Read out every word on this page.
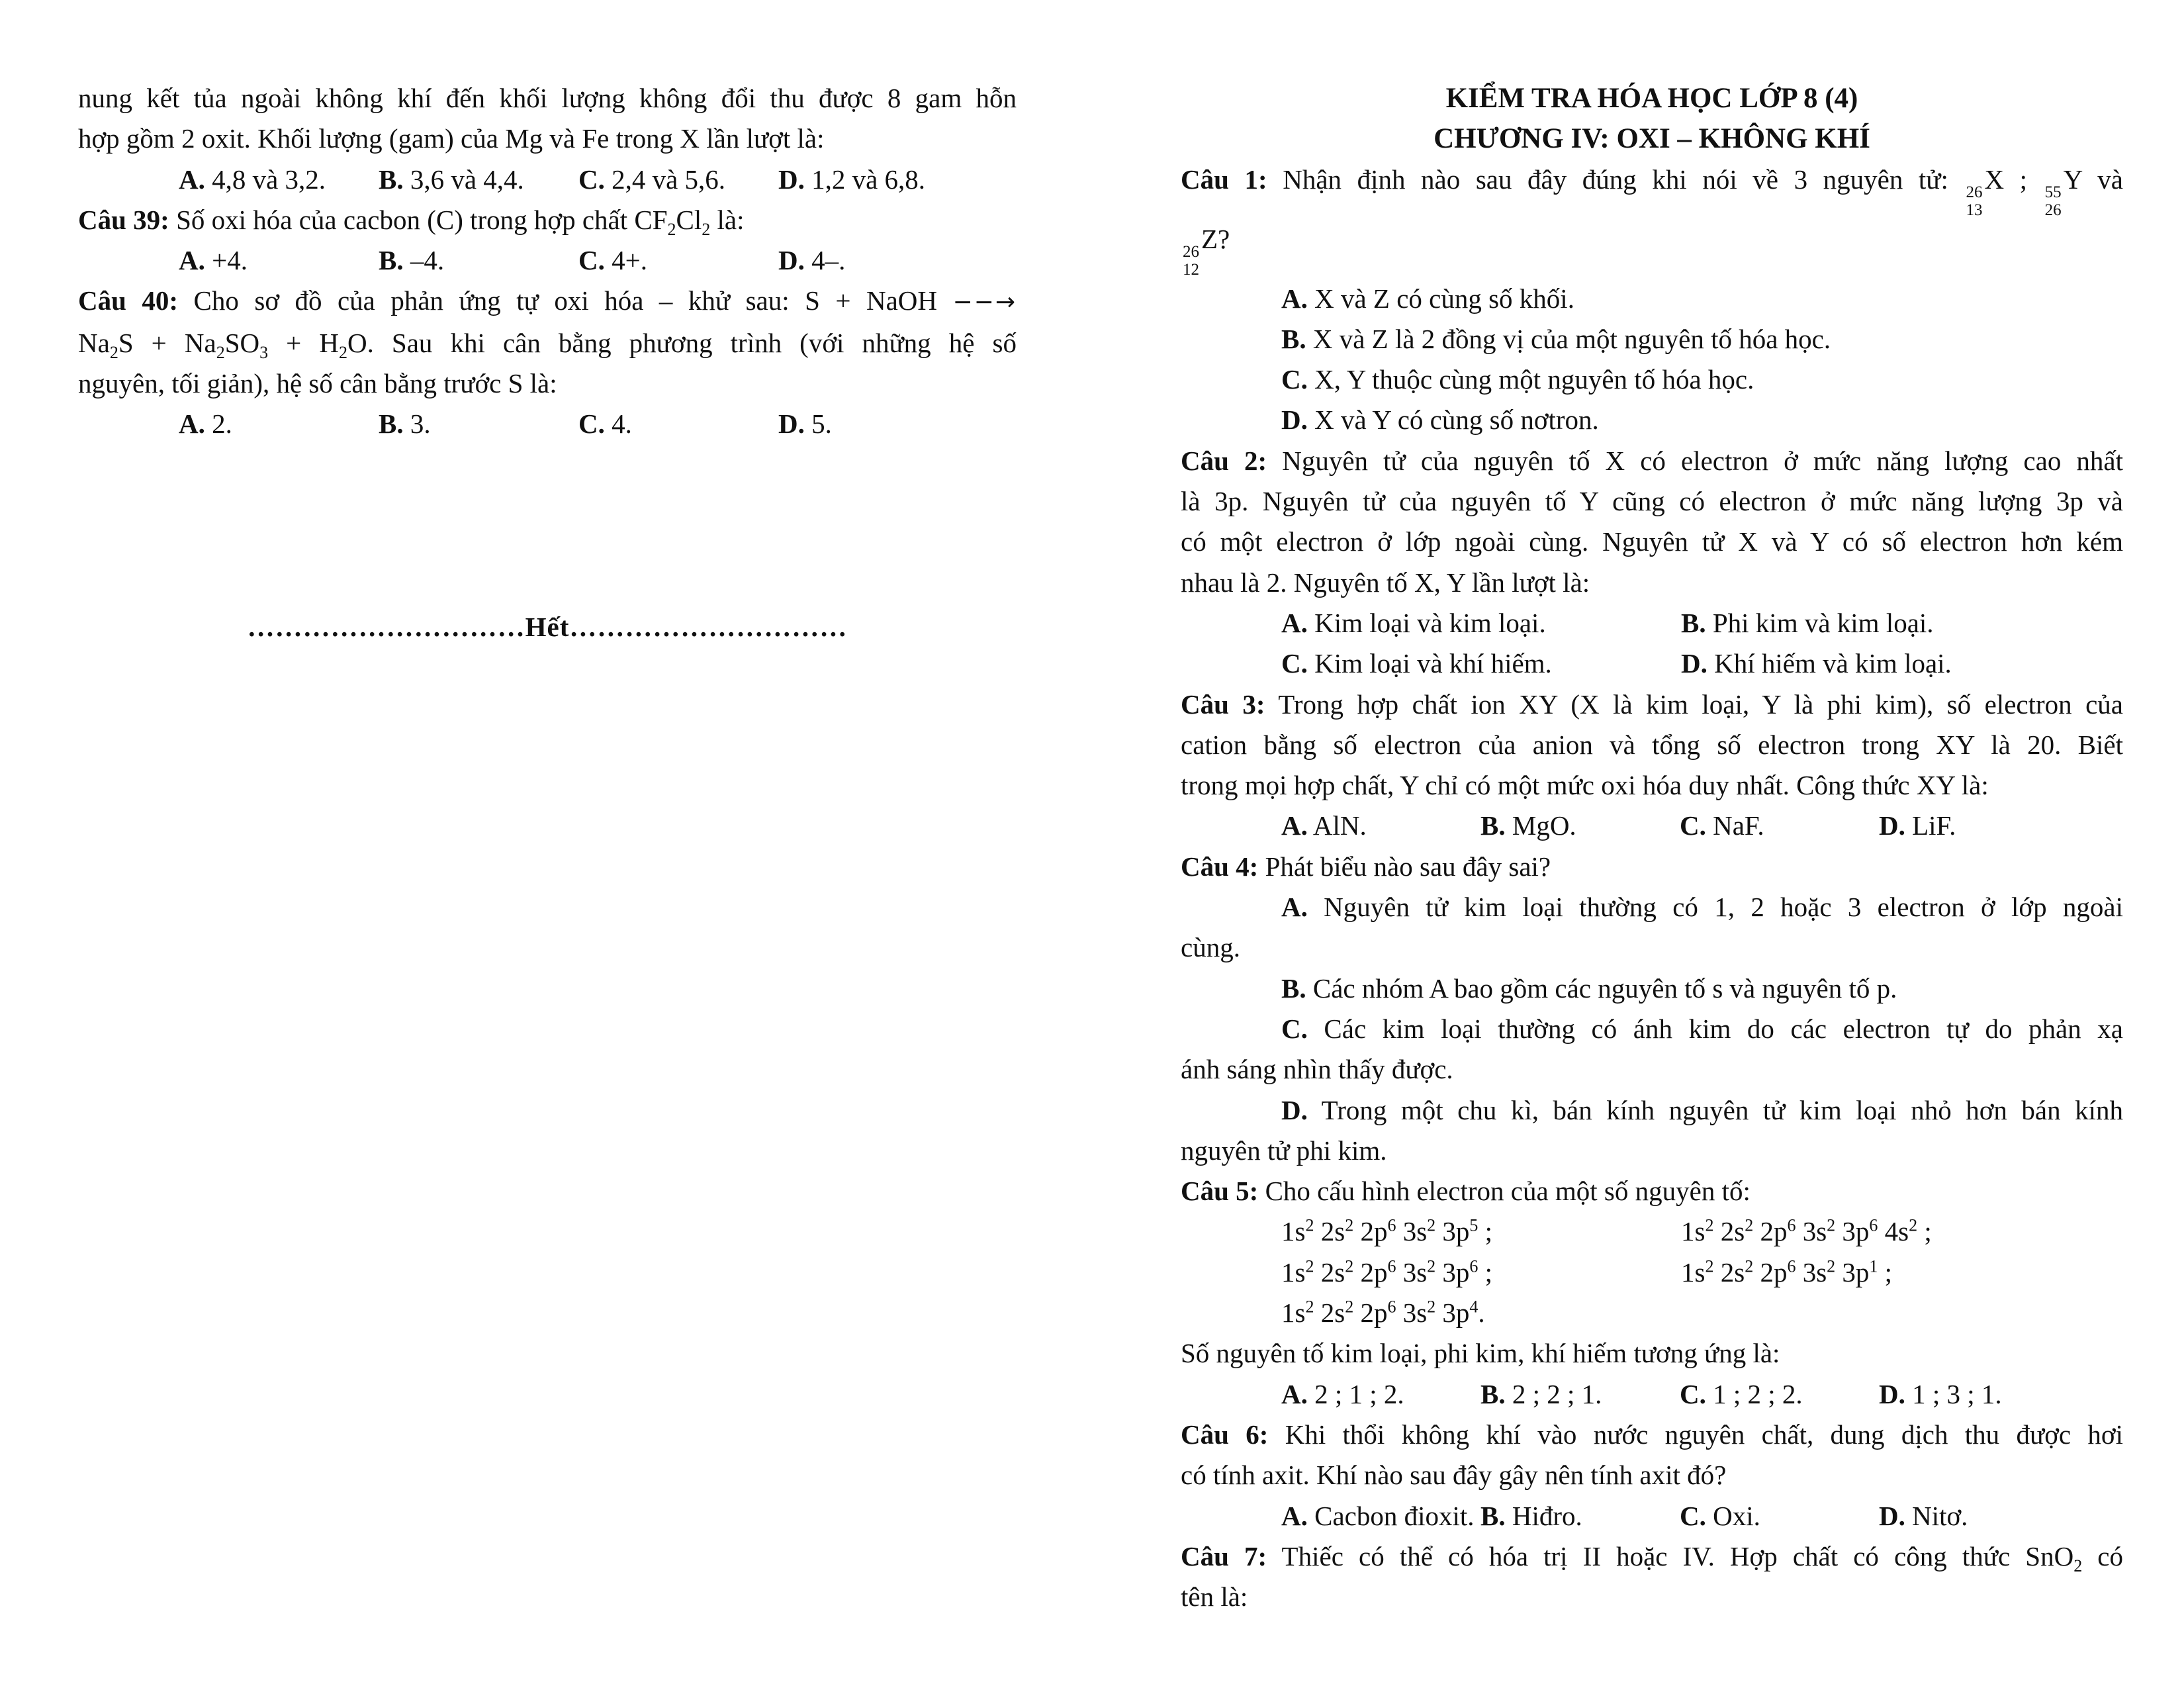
nung kết tủa ngoài không khí đến khối lượng không đổi thu được 8 gam hỗn

hợp gồm 2 oxit. Khối lượng (gam) của Mg và Fe trong X lần lượt là:

A. 4,8 và 3,2.	B. 3,6 và 4,4.	C. 2,4 và 5,6.	D. 1,2 và 6,8.

Câu 39: Số oxi hóa của cacbon (C) trong hợp chất $CF_2Cl_2$ là:

A. +4.	B. –4.	C. 4+.	D. 4–.

Câu 40: Cho sơ đồ của phản ứng tự oxi hóa – khử sau: S + NaOH −−→

$Na_2S + Na_2SO_3 + H_2O$. Sau khi cân bằng phương trình (với những hệ số

nguyên, tối giản), hệ số cân bằng trước S là:

A. 2.	B. 3.	C. 4.	D. 5.

…………………………Hết…………………………

KIỂM TRA HÓA HỌC LỚP 8 (4)

CHƯƠNG IV: OXI – KHÔNG KHÍ

Câu 1: Nhận định nào sau đây đúng khi nói về 3 nguyên tử: 26
13
X ; 55
26
Y và

26
12
Z?

A. X và Z có cùng số khối.

B. X và Z là 2 đồng vị của một nguyên tố hóa học.

C. X, Y thuộc cùng một nguyên tố hóa học.

D. X và Y có cùng số nơtron.

Câu 2: Nguyên tử của nguyên tố X có electron ở mức năng lượng cao nhất

là 3p. Nguyên tử của nguyên tố Y cũng có electron ở mức năng lượng 3p và

có một electron ở lớp ngoài cùng. Nguyên tử X và Y có số electron hơn kém

nhau là 2. Nguyên tố X, Y lần lượt là:

A. Kim loại và kim loại.	B. Phi kim và kim loại.
C. Kim loại và khí hiếm.	D. Khí hiếm và kim loại.

Câu 3: Trong hợp chất ion XY (X là kim loại, Y là phi kim), số electron của

cation bằng số electron của anion và tổng số electron trong XY là 20. Biết

trong mọi hợp chất, Y chỉ có một mức oxi hóa duy nhất. Công thức XY là:

A. AlN.	B. MgO.	C. NaF.	D. LiF.

Câu 4: Phát biểu nào sau đây sai?

A. Nguyên tử kim loại thường có 1, 2 hoặc 3 electron ở lớp ngoài

cùng.

B. Các nhóm A bao gồm các nguyên tố s và nguyên tố p.

C. Các kim loại thường có ánh kim do các electron tự do phản xạ

ánh sáng nhìn thấy được.

D. Trong một chu kì, bán kính nguyên tử kim loại nhỏ hơn bán kính

nguyên tử phi kim.

Câu 5: Cho cấu hình electron của một số nguyên tố:

$1s^2$ $2s^2$ $2p^6$ $3s^2$ $3p^5$ ;	$1s^2$ $2s^2$ $2p^6$ $3s^2$ $3p^6$ $4s^2$ ;
$1s^2$ $2s^2$ $2p^6$ $3s^2$ $3p^6$ ;	$1s^2$ $2s^2$ $2p^6$ $3s^2$ $3p^1$ ;
$1s^2$ $2s^2$ $2p^6$ $3s^2$ $3p^4$.

Số nguyên tố kim loại, phi kim, khí hiếm tương ứng là:

A. 2 ; 1 ; 2.	B. 2 ; 2 ; 1.	C. 1 ; 2 ; 2.	D. 1 ; 3 ; 1.

Câu 6: Khi thổi không khí vào nước nguyên chất, dung dịch thu được hơi

có tính axit. Khí nào sau đây gây nên tính axit đó?

A. Cacbon đioxit. B. Hiđro.	C. Oxi.	D. Nitơ.

Câu 7: Thiếc có thể có hóa trị II hoặc IV. Hợp chất có công thức SnO$_2$ có

tên là:
